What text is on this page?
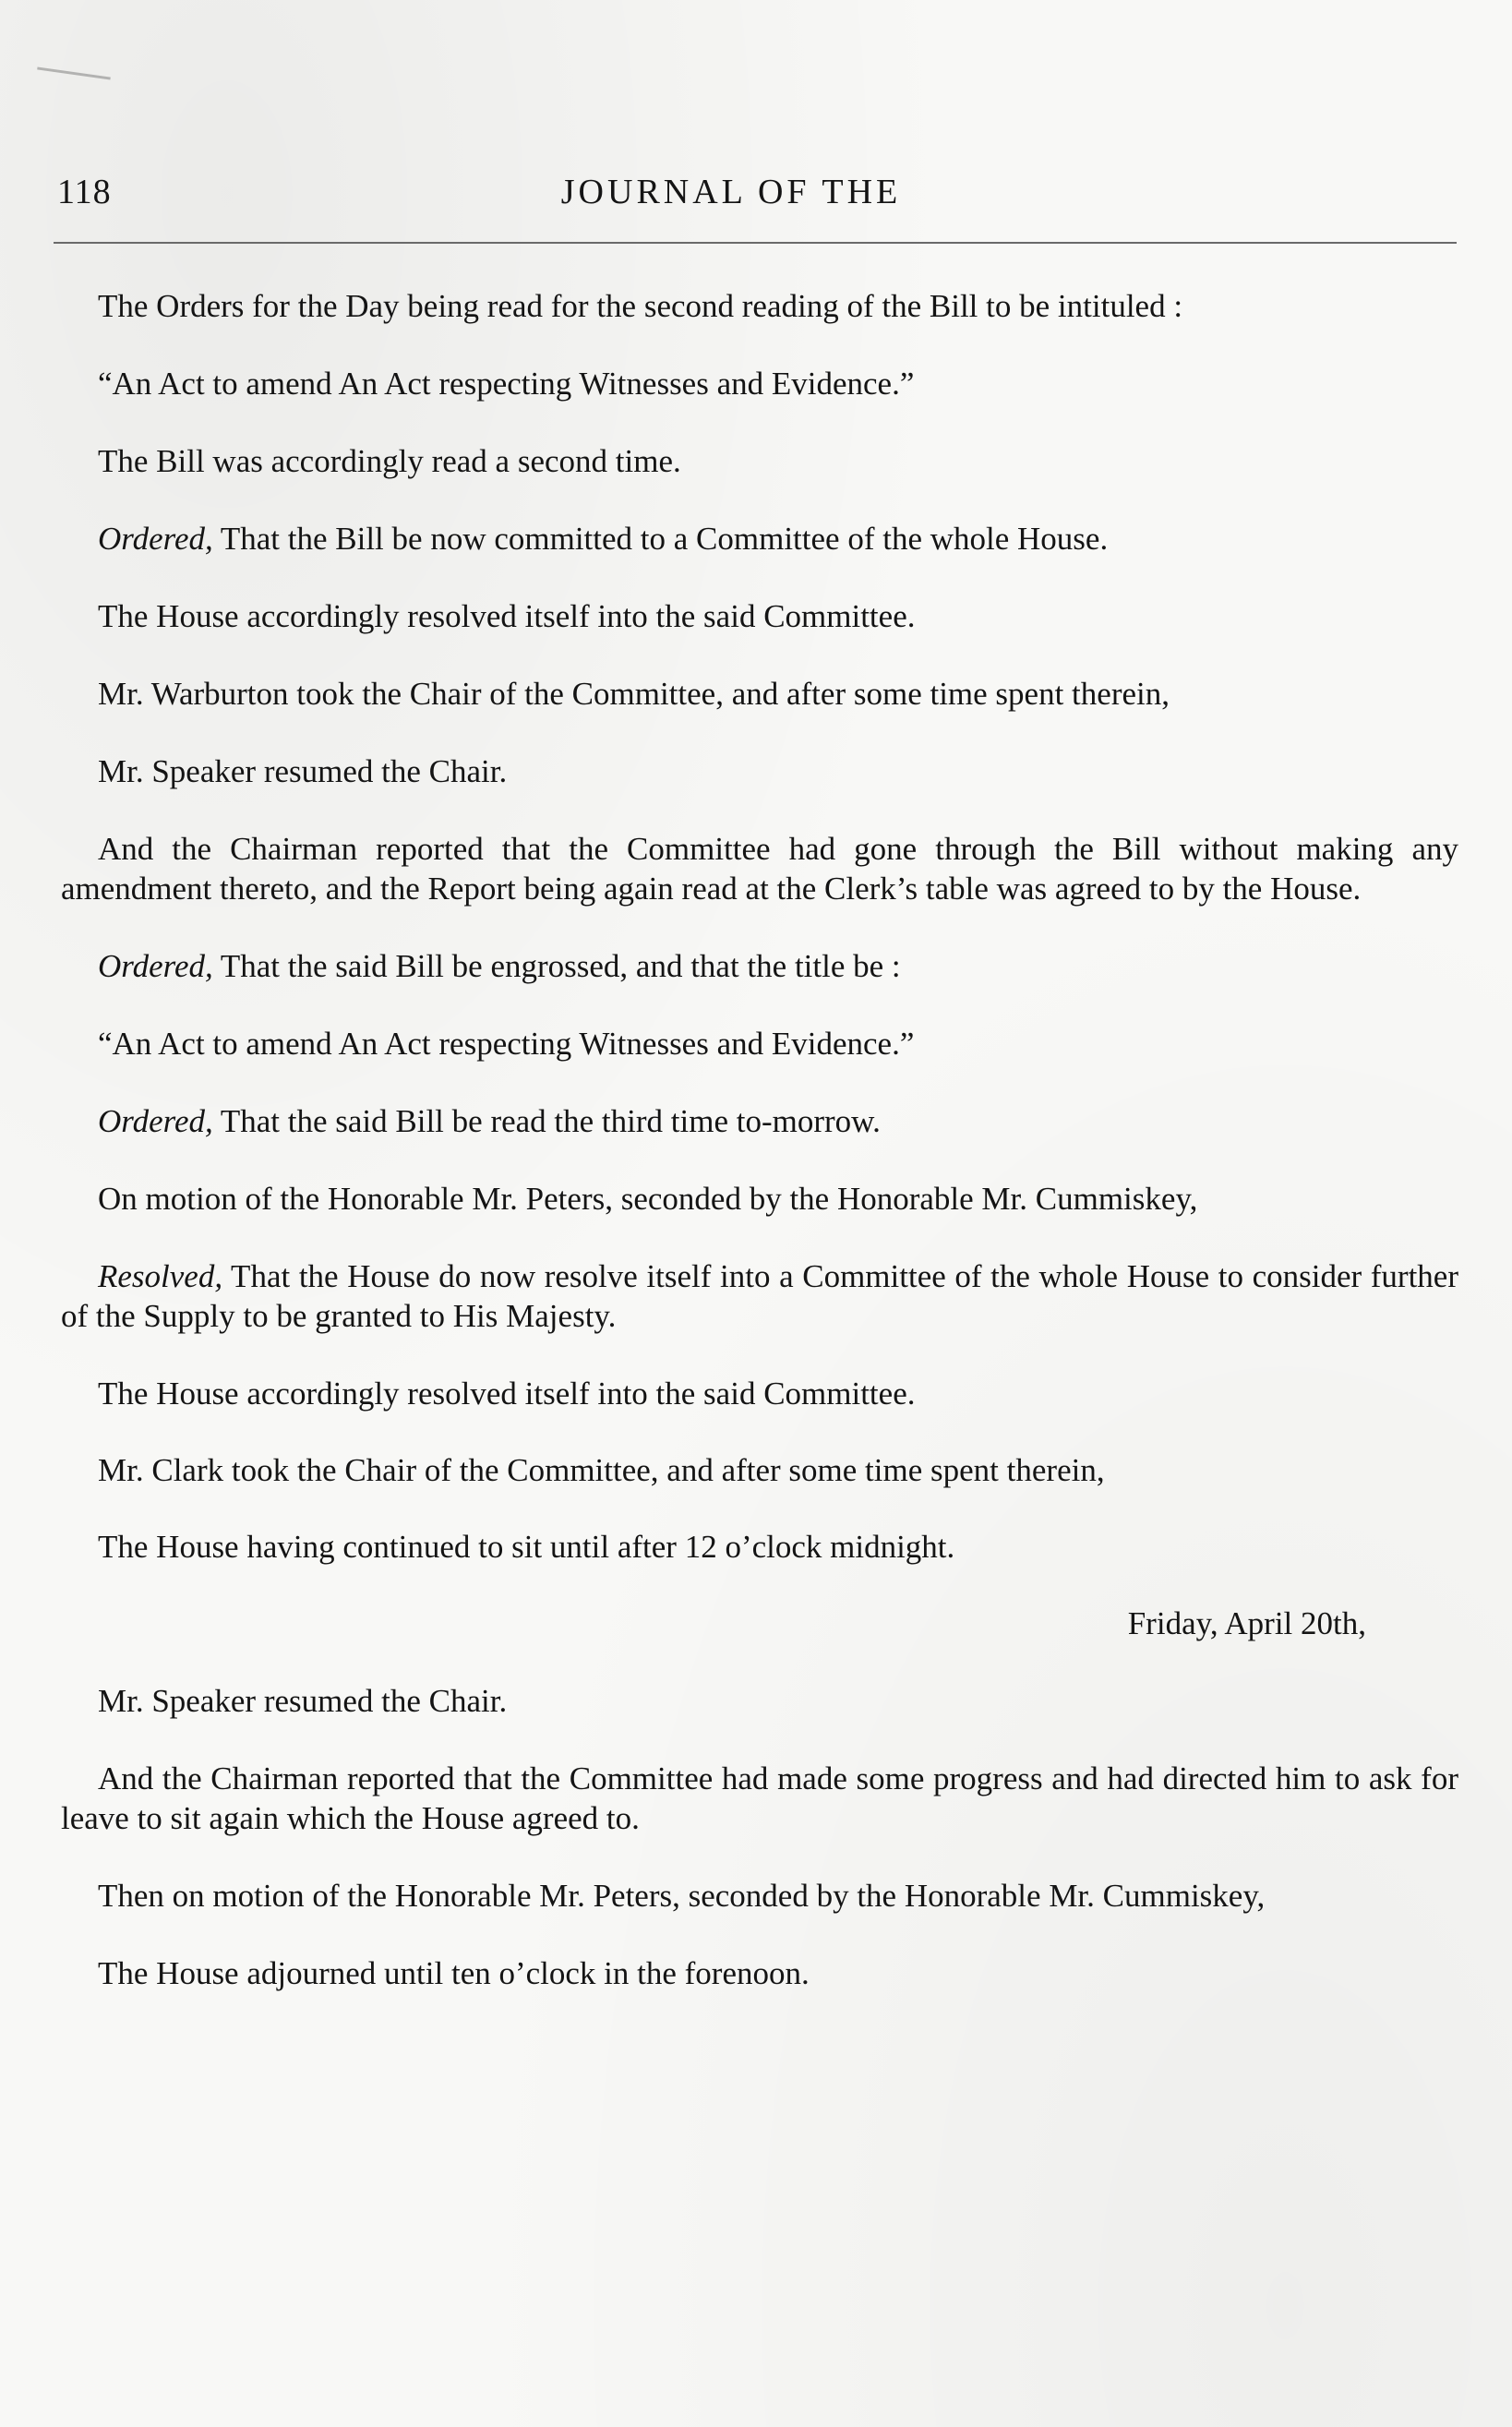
118	JOURNAL OF THE

The Orders for the Day being read for the second reading of the Bill to be intituled :

“An Act to amend An Act respecting Witnesses and Evidence.”

The Bill was accordingly read a second time.

Ordered, That the Bill be now committed to a Committee of the whole House.

The House accordingly resolved itself into the said Committee.

Mr. Warburton took the Chair of the Committee, and after some time spent therein,

Mr. Speaker resumed the Chair.

And the Chairman reported that the Committee had gone through the Bill without making any amendment thereto, and the Report being again read at the Clerk’s table was agreed to by the House.

Ordered, That the said Bill be engrossed, and that the title be :

“An Act to amend An Act respecting Witnesses and Evidence.”

Ordered, That the said Bill be read the third time to-morrow.

On motion of the Honorable Mr. Peters, seconded by the Honorable Mr. Cummiskey,

Resolved, That the House do now resolve itself into a Committee of the whole House to consider further of the Supply to be granted to His Majesty.

The House accordingly resolved itself into the said Committee.

Mr. Clark took the Chair of the Committee, and after some time spent therein,

The House having continued to sit until after 12 o’clock midnight.

Friday, April 20th,

Mr. Speaker resumed the Chair.

And the Chairman reported that the Committee had made some progress and had directed him to ask for leave to sit again which the House agreed to.

Then on motion of the Honorable Mr. Peters, seconded by the Honorable Mr. Cummiskey,

The House adjourned until ten o’clock in the forenoon.
